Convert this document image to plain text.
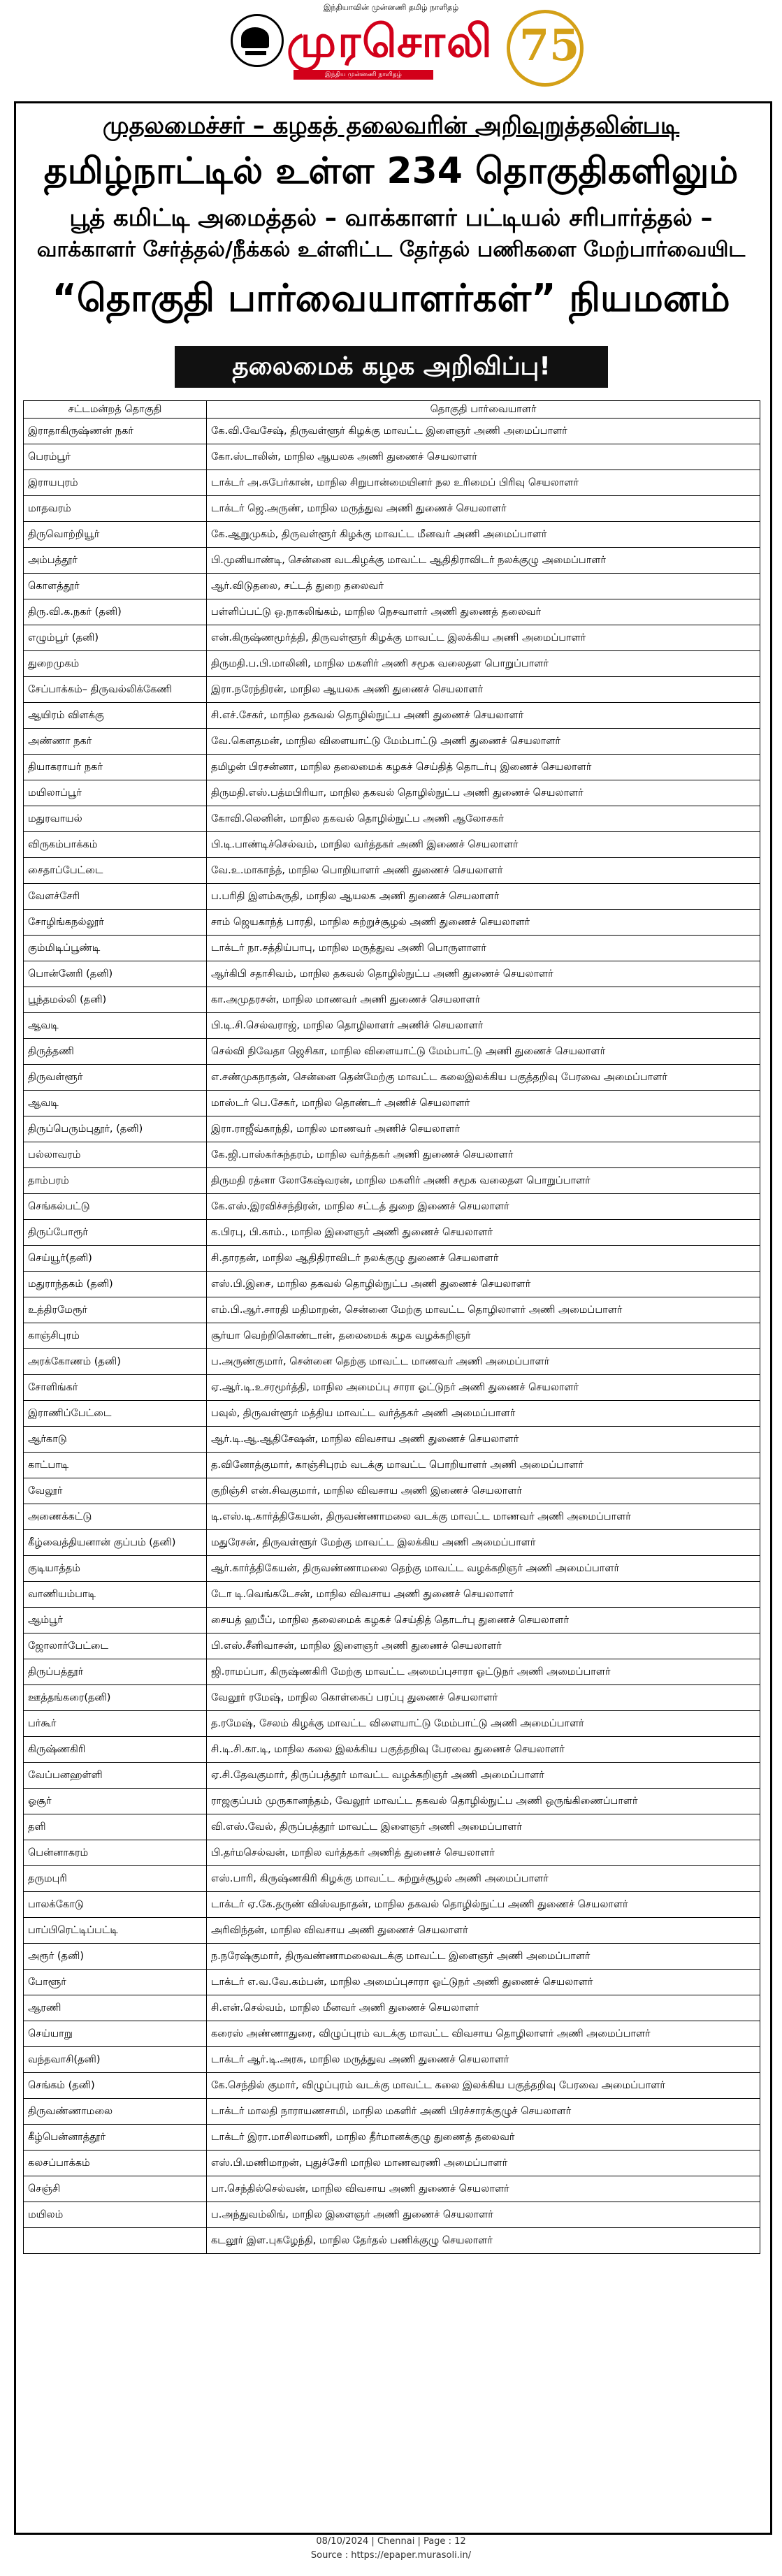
இந்தியாவின் முன்னணி தமிழ் நாளிதழ்
முரசொலி
இந்திய முன்னணி நாளிதழ்
75
முதலமைச்சர் – கழகத் தலைவரின் அறிவுறுத்தலின்படி
தமிழ்நாட்டில் உள்ள 234 தொகுதிகளிலும்
பூத் கமிட்டி அமைத்தல் – வாக்காளர் பட்டியல் சரிபார்த்தல் –
வாக்காளர் சேர்த்தல்/நீக்கல் உள்ளிட்ட தேர்தல் பணிகளை மேற்பார்வையிட
“தொகுதி பார்வையாளர்கள்” நியமனம்
தலைமைக் கழக அறிவிப்பு!
சட்டமன்றத் தொகுதி	தொகுதி பார்வையாளர்
இராதாகிருஷ்ணன் நகர்	கே.வி.வேசேஷ், திருவள்ளூர் கிழக்கு மாவட்ட இளைஞர் அணி அமைப்பாளர்
பெரம்பூர்	கோ.ஸ்டாலின், மாநில ஆயலக அணி துணைச் செயலாளர்
இராயபுரம்	டாக்டர் அ.சுபேர்கான், மாநில சிறுபான்மையினர் நல உரிமைப் பிரிவு செயலாளர்
மாதவரம்	டாக்டர் ஜெ.அருண், மாநில மருத்துவ அணி துணைச் செயலாளர்
திருவொற்றியூர்	கே.ஆறுமுகம், திருவள்ளூர் கிழக்கு மாவட்ட மீனவர் அணி அமைப்பாளர்
அம்பத்தூர்	பி.முனியாண்டி, சென்னை வடகிழக்கு மாவட்ட ஆதிதிராவிடர் நலக்குழு அமைப்பாளர்
கொளத்தூர்	ஆர்.விடுதலை, சட்டத் துறை தலைவர்
திரு.வி.க.நகர் (தனி)	பள்ளிப்பட்டு ஒ.நாகலிங்கம், மாநில நெசவாளர் அணி துணைத் தலைவர்
எழும்பூர் (தனி)	என்.கிருஷ்ணமூர்த்தி, திருவள்ளூர் கிழக்கு மாவட்ட இலக்கிய அணி அமைப்பாளர்
துறைமுகம்	திருமதி.ப.பி.மாலினி, மாநில மகளிர் அணி சமூக வலைதள பொறுப்பாளர்
சேப்பாக்கம்– திருவல்லிக்கேணி	இரா.நரேந்திரன், மாநில ஆயலக அணி துணைச் செயலாளர்
ஆயிரம் விளக்கு	சி.எச்.சேகர், மாநில தகவல் தொழில்நுட்ப அணி துணைச் செயலாளர்
அண்ணா நகர்	வே.கௌதமன், மாநில விளையாட்டு மேம்பாட்டு அணி துணைச் செயலாளர்
தியாகராயர் நகர்	தமிழன் பிரசன்னா, மாநில தலைமைக் கழகச் செய்தித் தொடர்பு இணைச் செயலாளர்
மயிலாப்பூர்	திருமதி.எஸ்.பத்மபிரியா, மாநில தகவல் தொழில்நுட்ப அணி துணைச் செயலாளர்
மதுரவாயல்	கோவி.லெனின், மாநில தகவல் தொழில்நுட்ப அணி ஆலோசகர்
விருகம்பாக்கம்	பி.டி.பாண்டிச்செல்வம், மாநில வர்த்தகர் அணி இணைச் செயலாளர்
சைதாப்பேட்டை	வே.உ.மாகாந்த், மாநில பொறியாளர் அணி துணைச் செயலாளர்
வேளச்சேரி	ப.பரிதி இளம்சுருதி, மாநில ஆயலக அணி துணைச் செயலாளர்
சோழிங்கநல்லூர்	சாம் ஜெயகாந்த் பாரதி, மாநில சுற்றுச்சூழல் அணி துணைச் செயலாளர்
கும்மிடிப்பூண்டி	டாக்டர் நா.சத்திய்பாபு, மாநில மருத்துவ அணி பொருளாளர்
பொன்னேரி (தனி)	ஆர்கிபி சதாசிவம், மாநில தகவல் தொழில்நுட்ப அணி துணைச் செயலாளர்
பூந்தமல்லி (தனி)	கா.அமுதரசன், மாநில மாணவர் அணி துணைச் செயலாளர்
ஆவடி	பி.டி.சி.செல்வராஜ், மாநில தொழிலாளர் அணிச் செயலாளர்
திருத்தணி	செல்வி நிவேதா ஜெசிகா, மாநில விளையாட்டு மேம்பாட்டு அணி துணைச் செயலாளர்
திருவள்ளூர்	எ.சண்முகநாதன், சென்னை தென்மேற்கு மாவட்ட கலைஇலக்கிய பகுத்தறிவு பேரவை அமைப்பாளர்
ஆவடி	மாஸ்டர் பெ.சேகர், மாநில தொண்டர் அணிச் செயலாளர்
திருப்பெரும்புதூர், (தனி)	இரா.ராஜீவ்காந்தி, மாநில மாணவர் அணிச் செயலாளர்
பல்லாவரம்	கே.ஜி.பாஸ்கர்சுந்தரம், மாநில வர்த்தகர் அணி துணைச் செயலாளர்
தாம்பரம்	திருமதி ரத்னா லோகேஷ்வரன், மாநில மகளிர் அணி சமூக வலைதள பொறுப்பாளர்
செங்கல்பட்டு	கே.எஸ்.இரவிச்சந்திரன், மாநில சட்டத் துறை இணைச் செயலாளர்
திருப்போரூர்	க.பிரபு, பி.காம்., மாநில இளைஞர் அணி துணைச் செயலாளர்
செய்யூர்(தனி)	சி.தாரதன், மாநில ஆதிதிராவிடர் நலக்குழு துணைச் செயலாளர்
மதுராந்தகம் (தனி)	எஸ்.பி.இசை, மாநில தகவல் தொழில்நுட்ப அணி துணைச் செயலாளர்
உத்திரமேரூர்	எம்.பி.ஆர்.சாரதி மதிமாறன், சென்னை மேற்கு மாவட்ட தொழிலாளர் அணி அமைப்பாளர்
காஞ்சிபுரம்	சூர்யா வெற்றிகொண்டான், தலைமைக் கழக வழக்கறிஞர்
அரக்கோணம் (தனி)	ப.அருண்குமார், சென்னை தெற்கு மாவட்ட மாணவர் அணி அமைப்பாளர்
சோளிங்கர்	ஏ.ஆர்.டி.உசரமூர்த்தி, மாநில அமைப்பு சாரா ஓட்டுநர் அணி துணைச் செயலாளர்
இராணிப்பேட்டை	பவுல், திருவள்ளூர் மத்திய மாவட்ட வர்த்தகர் அணி அமைப்பாளர்
ஆர்காடு	ஆர்.டி.ஆ.ஆதிசேஷன், மாநில விவசாய அணி துணைச் செயலாளர்
காட்பாடி	த.வினோத்குமார், காஞ்சிபுரம் வடக்கு மாவட்ட பொறியாளர் அணி அமைப்பாளர்
வேலூர்	குறிஞ்சி என்.சிவகுமார், மாநில விவசாய அணி இணைச் செயலாளர்
அணைக்கட்டு	டி.எஸ்.டி.கார்த்திகேயன், திருவண்ணாமலை வடக்கு மாவட்ட மாணவர் அணி அமைப்பாளர்
கீழ்வைத்தியனான் குப்பம் (தனி)	மதுரேசன், திருவள்ளூர் மேற்கு மாவட்ட இலக்கிய அணி அமைப்பாளர்
குடியாத்தம்	ஆர்.கார்த்திகேயன், திருவண்ணாமலை தெற்கு மாவட்ட வழக்கறிஞர் அணி அமைப்பாளர்
வாணியம்பாடி	டோ டி.வெங்கடேசன், மாநில விவசாய அணி துணைச் செயலாளர்
ஆம்பூர்	சையத் ஹபீப், மாநில தலைமைக் கழகச் செய்தித் தொடர்பு துணைச் செயலாளர்
ஜோலார்பேட்டை	பி.எஸ்.சீனிவாசன், மாநில இளைஞர் அணி துணைச் செயலாளர்
திருப்பத்தூர்	ஜி.ராமப்பா, கிருஷ்ணகிரி மேற்கு மாவட்ட அமைப்புசாரா ஓட்டுநர் அணி அமைப்பாளர்
ஊத்தங்கரை(தனி)	வேலூர் ரமேஷ், மாநில கொள்கைப் பரப்பு துணைச் செயலாளர்
பர்கூர்	த.ரமேஷ், சேலம் கிழக்கு மாவட்ட விளையாட்டு மேம்பாட்டு அணி அமைப்பாளர்
கிருஷ்ணகிரி	சி.டி.சி.கா.டி, மாநில கலை இலக்கிய பகுத்தறிவு பேரவை துணைச் செயலாளர்
வேப்பனஹள்ளி	ஏ.சி.தேவகுமார், திருப்பத்தூர் மாவட்ட வழக்கறிஞர் அணி அமைப்பாளர்
ஓசூர்	ராஜகுப்பம் முருகானந்தம், வேலூர் மாவட்ட தகவல் தொழில்நுட்ப அணி ஒருங்கிணைப்பாளர்
தளி	வி.எஸ்.வேல், திருப்பத்தூர் மாவட்ட இளைஞர் அணி அமைப்பாளர்
பென்னாகரம்	பி.தர்மசெல்வன், மாநில வர்த்தகர் அணித் துணைச் செயலாளர்
தருமபுரி	எஸ்.பாரி, கிருஷ்ணகிரி கிழக்கு மாவட்ட சுற்றுச்சூழல் அணி அமைப்பாளர்
பாலக்கோடு	டாக்டர் ஏ.கே.தருண் விஸ்வநாதன், மாநில தகவல் தொழில்நுட்ப அணி துணைச் செயலாளர்
பாப்பிரெட்டிப்பட்டி	அரிவிந்தன், மாநில விவசாய அணி துணைச் செயலாளர்
அரூர் (தனி)	ந.நரேஷ்குமார், திருவண்ணாமலைவடக்கு மாவட்ட இளைஞர் அணி அமைப்பாளர்
போளூர்	டாக்டர் எ.வ.வே.கம்பன், மாநில அமைப்புசாரா ஓட்டுநர் அணி துணைச் செயலாளர்
ஆரணி	சி.என்.செல்வம், மாநில மீனவர் அணி துணைச் செயலாளர்
செய்யாறு	கரைஸ் அண்ணாதுரை, விழுப்புரம் வடக்கு மாவட்ட விவசாய தொழிலாளர் அணி அமைப்பாளர்
வந்தவாசி(தனி)	டாக்டர் ஆர்.டி.அரசு, மாநில மருத்துவ அணி துணைச் செயலாளர்
செங்கம் (தனி)	கே.செந்தில் குமார், விழுப்புரம் வடக்கு மாவட்ட கலை இலக்கிய பகுத்தறிவு பேரவை அமைப்பாளர்
திருவண்ணாமலை	டாக்டர் மாலதி நாராயணசாமி, மாநில மகளிர் அணி பிரச்சாரக்குழுச் செயலாளர்
கீழ்பென்னாத்தூர்	டாக்டர் இரா.மாசிலாமணி, மாநில தீர்மானக்குழு துணைத் தலைவர்
கலசப்பாக்கம்	எஸ்.பி.மணிமாறன், புதுச்சேரி மாநில மாணவரணி அமைப்பாளர்
செஞ்சி	பா.செந்தில்செல்வன், மாநில விவசாய அணி துணைச் செயலாளர்
மயிலம்	ப.அந்துவம்லிங், மாநில இளைஞர் அணி துணைச் செயலாளர்
	கடலூர் இள.புகழேந்தி, மாநில தேர்தல் பணிக்குழு செயலாளர்
08/10/2024 | Chennai | Page : 12
Source : https://epaper.murasoli.in/
